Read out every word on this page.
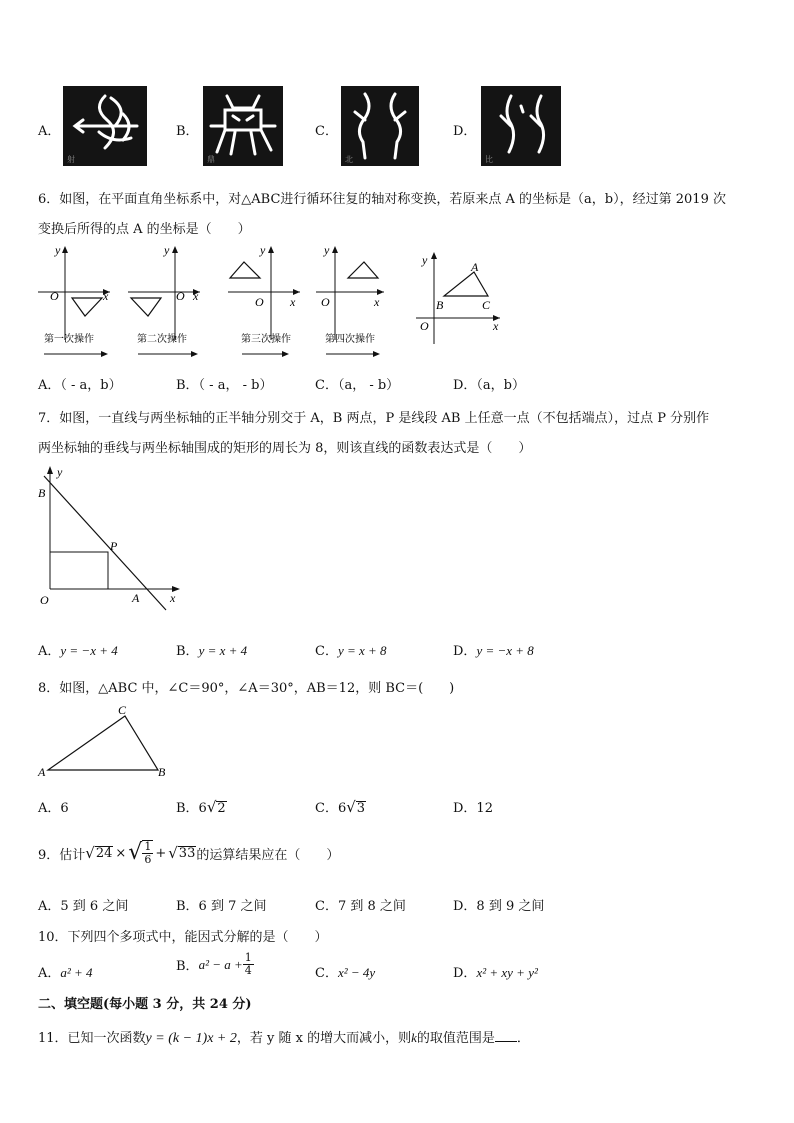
A．
射
B．
鼎
C．
北
D．
比
6．如图，在平面直角坐标系中，对△ABC进行循环往复的轴对称变换，若原来点 A 的坐标是（a，b），经过第 2019 次
变换后所得的点 A 的坐标是（　　）
y
O	x
y
O x
y
O x
y
O	x
y	A
B	C
O	x
第一次操作	第二次操作	第三次操作	第四次操作
A．（ - a，b）	B．（ - a， - b）	C．（a， - b）	D．（a，b）
7．如图，一直线与两坐标轴的正半轴分别交于 A，B 两点，P 是线段 AB 上任意一点（不包括端点），过点 P 分别作
两坐标轴的垂线与两坐标轴围成的矩形的周长为 8，则该直线的函数表达式是（　　）
B
y
P
O	A	x
A．y = −x + 4	B．y = x + 4	C．y = x + 8	D．y = −x + 8
8．如图，△ABC 中，∠C＝90°，∠A＝30°，AB＝12，则 BC＝(　　)
A	B
C
A．6	B．6√2	C．6√3	D．12
9．估计 √ 24 × √ $\frac{1}{6}$ + √ 33 的运算结果应在（　　）
A．5 到 6 之间	B．6 到 7 之间	C．7 到 8 之间	D．8 到 9 之间
10．下列四个多项式中，能因式分解的是（　　）
A．a² + 4	B． $a^2 - a + \frac{1}{4}$	C．x² − 4y	D．x² + xy + y²
二、填空题(每小题 3 分，共 24 分)
11．已知一次函数y = (k − 1)x + 2，若 y 随 x 的增大而减小，则k的取值范围是 ．
